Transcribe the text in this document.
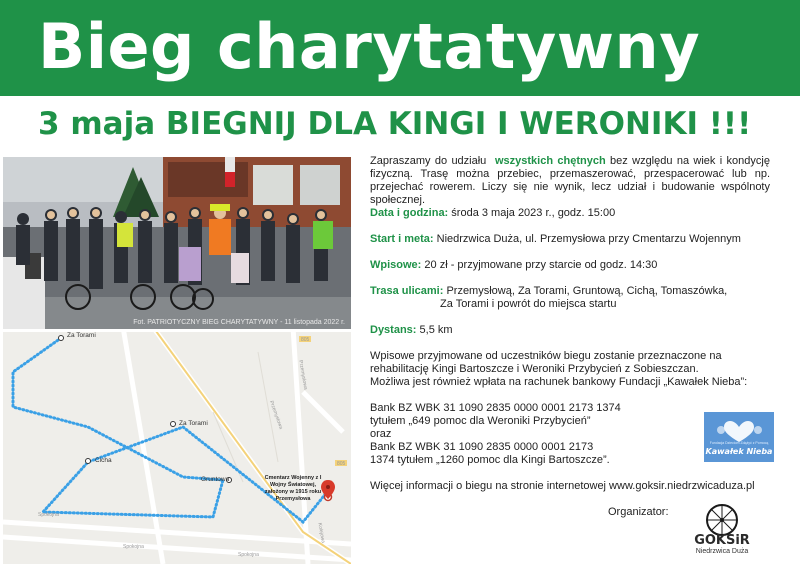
Bieg charytatywny
3 maja BIEGNIJ DLA KINGI I WERONIKI !!!
Fot. PATRIOTYCZNY BIEG CHARYTATYWNY - 11 listopada 2022 r.
Za Torami
Za Torami
Cicha
Gruntowa	Cmentarz Wojenny z I Wojny Światowej, założony w 1915 roku Przemysłowa
Przemysłowa
Przemysłowa
Spokojna
Spokojna
Spokojna
Kolejowa
805
805

Zapraszamy do udziału wszystkich chętnych bez względu na wiek i kondycję fizyczną. Trasę można przebiec, przemaszerować, przespacerować lub np. przejechać rowerem. Liczy się nie wynik, lecz udział i budowanie wspólnoty społecznej.

Data i godzina: środa 3 maja 2023 r., godz. 15:00

Start i meta: Niedrzwica Duża, ul. Przemysłowa przy Cmentarzu Wojennym

Wpisowe: 20 zł - przyjmowane przy starcie od godz. 14:30

Trasa ulicami: Przemysłową, Za Torami, Gruntową, Cichą, Tomaszówka,

Za Torami i powrót do miejsca startu

Dystans: 5,5 km

Wpisowe przyjmowane od uczestników biegu zostanie przeznaczone na rehabilitację Kingi Bartoszcze i Weroniki Przybycień z Sobieszczan.

Możliwa jest również wpłata na rachunek bankowy Fundacji „Kawałek Nieba”:

Bank BZ WBK 31 1090 2835 0000 0001 2173 1374

tytułem „649 pomoc dla Weroniki Przybycień”

oraz

Bank BZ WBK 31 1090 2835 0000 0001 2173

1374 tytułem „1260 pomoc dla Kingi Bartoszcze”.

Więcej informacji o biegu na stronie internetowej www.goksir.niedrzwicaduza.pl

Organizator:

Fundacja Dzieciom Zdążyć z Pomocą
Kawałek Nieba
GOKSiR
Niedrzwica Duża
